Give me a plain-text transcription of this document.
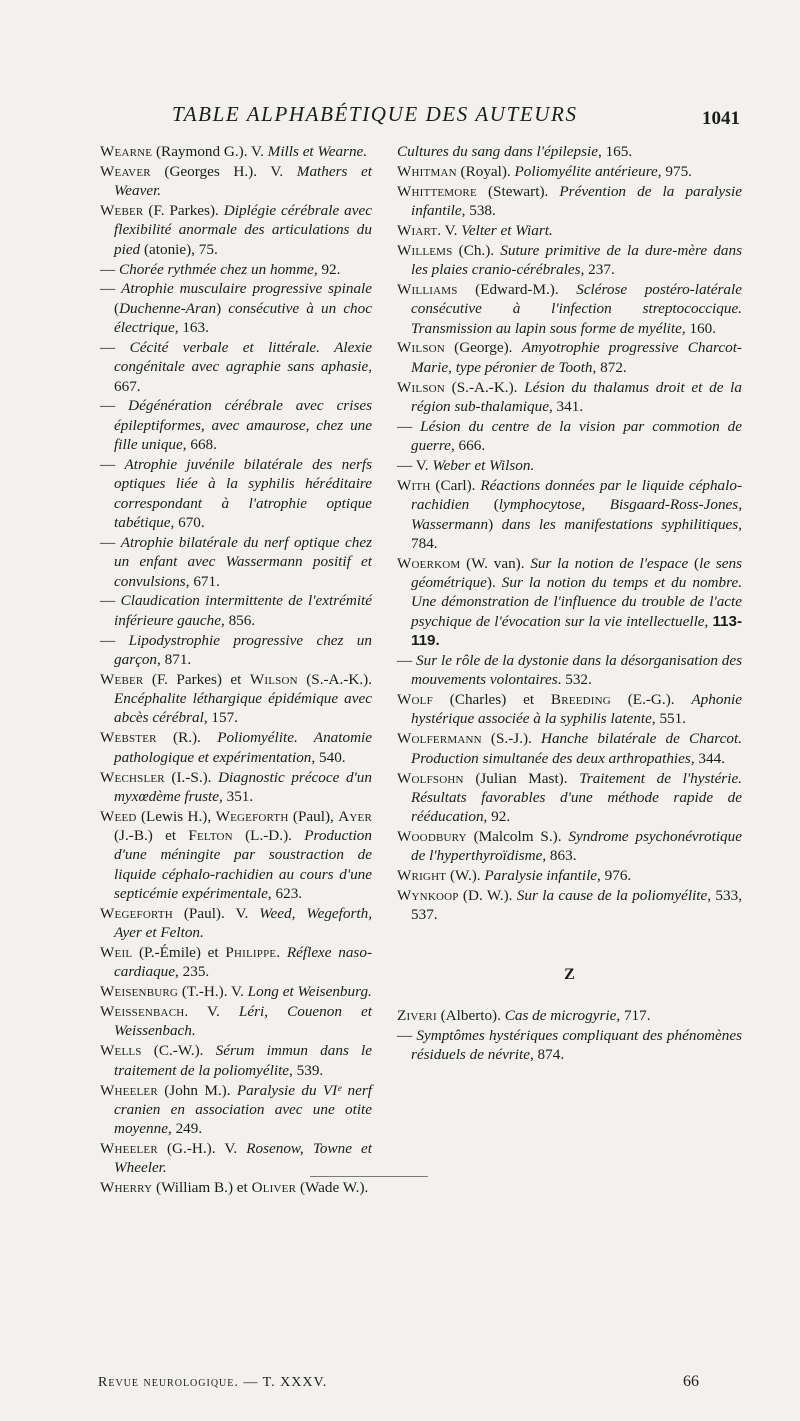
TABLE ALPHABÉTIQUE DES AUTEURS	1041

Wearne (Raymond G.). V. Mills et Wearne.

Weaver (Georges H.). V. Mathers et Weaver.

Weber (F. Parkes). Diplégie cérébrale avec flexibilité anormale des articulations du pied (atonie), 75.

— Chorée rythmée chez un homme, 92.

— Atrophie musculaire progressive spinale (Duchenne-Aran) consécutive à un choc électrique, 163.

— Cécité verbale et littérale. Alexie congénitale avec agraphie sans aphasie, 667.

— Dégénération cérébrale avec crises épileptiformes, avec amaurose, chez une fille unique, 668.

— Atrophie juvénile bilatérale des nerfs optiques liée à la syphilis héréditaire correspondant à l'atrophie optique tabétique, 670.

— Atrophie bilatérale du nerf optique chez un enfant avec Wassermann positif et convulsions, 671.

— Claudication intermittente de l'extrémité inférieure gauche, 856.

— Lipodystrophie progressive chez un garçon, 871.

Weber (F. Parkes) et Wilson (S.-A.-K.). Encéphalite léthargique épidémique avec abcès cérébral, 157.

Webster (R.). Poliomyélite. Anatomie pathologique et expérimentation, 540.

Wechsler (I.-S.). Diagnostic précoce d'un myxœdème fruste, 351.

Weed (Lewis H.), Wegeforth (Paul), Ayer (J.-B.) et Felton (L.-D.). Production d'une méningite par soustraction de liquide céphalo-rachidien au cours d'une septicémie expérimentale, 623.

Wegeforth (Paul). V. Weed, Wegeforth, Ayer et Felton.

Weil (P.-Émile) et Philippe. Réflexe naso-cardiaque, 235.

Weisenburg (T.-H.). V. Long et Weisenburg.

Weissenbach. V. Léri, Couenon et Weissenbach.

Wells (C.-W.). Sérum immun dans le traitement de la poliomyélite, 539.

Wheeler (John M.). Paralysie du VIᵉ nerf cranien en association avec une otite moyenne, 249.

Wheeler (G.-H.). V. Rosenow, Towne et Wheeler.

Wherry (William B.) et Oliver (Wade W.).

Cultures du sang dans l'épilepsie, 165.

Whitman (Royal). Poliomyélite antérieure, 975.

Whittemore (Stewart). Prévention de la paralysie infantile, 538.

Wiart. V. Velter et Wiart.

Willems (Ch.). Suture primitive de la dure-mère dans les plaies cranio-cérébrales, 237.

Williams (Edward-M.). Sclérose postéro-latérale consécutive à l'infection streptococcique. Transmission au lapin sous forme de myélite, 160.

Wilson (George). Amyotrophie progressive Charcot-Marie, type péronier de Tooth, 872.

Wilson (S.-A.-K.). Lésion du thalamus droit et de la région sub-thalamique, 341.

— Lésion du centre de la vision par commotion de guerre, 666.

— V. Weber et Wilson.

With (Carl). Réactions données par le liquide céphalo-rachidien (lymphocytose, Bisgaard-Ross-Jones, Wassermann) dans les manifestations syphilitiques, 784.

Woerkom (W. van). Sur la notion de l'espace (le sens géométrique). Sur la notion du temps et du nombre. Une démonstration de l'influence du trouble de l'acte psychique de l'évocation sur la vie intellectuelle, 113-119.

— Sur le rôle de la dystonie dans la désorganisation des mouvements volontaires. 532.

Wolf (Charles) et Breeding (E.-G.). Aphonie hystérique associée à la syphilis latente, 551.

Wolfermann (S.-J.). Hanche bilatérale de Charcot. Production simultanée des deux arthropathies, 344.

Wolfsohn (Julian Mast). Traitement de l'hystérie. Résultats favorables d'une méthode rapide de rééducation, 92.

Woodbury (Malcolm S.). Syndrome psychonévrotique de l'hyperthyroïdisme, 863.

Wright (W.). Paralysie infantile, 976.

Wynkoop (D. W.). Sur la cause de la poliomyélite, 533, 537.

Z

Ziveri (Alberto). Cas de microgyrie, 717.

— Symptômes hystériques compliquant des phénomènes résiduels de névrite, 874.

Revue neurologique. — T. XXXV.	66
